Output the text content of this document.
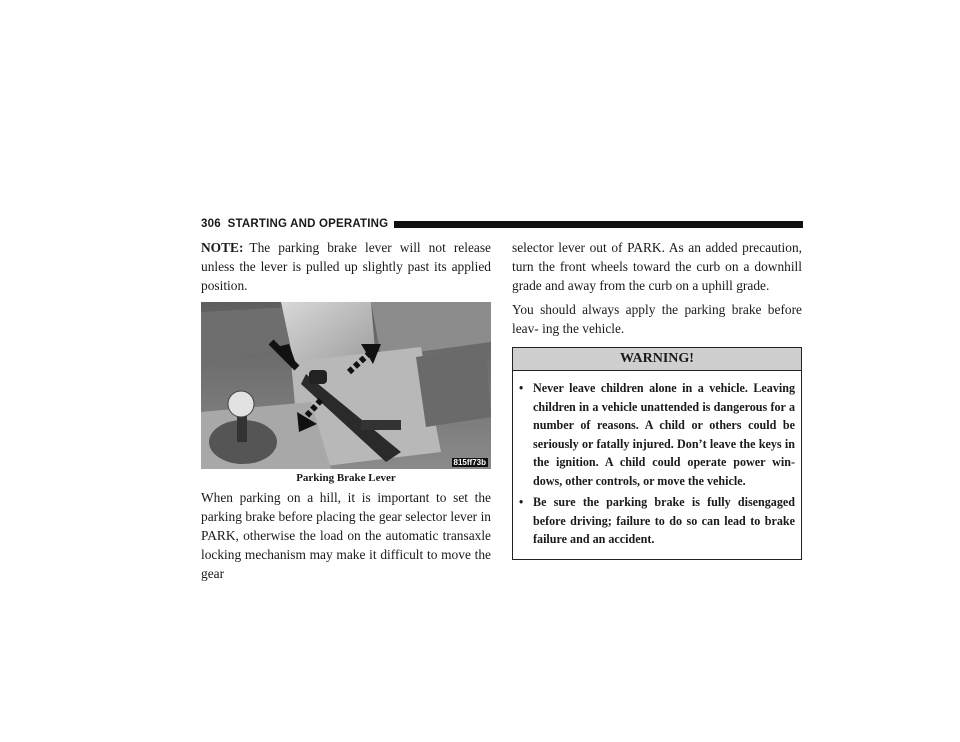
306 STARTING AND OPERATING

NOTE: The parking brake lever will not release unless the lever is pulled up slightly past its applied position.

815ff73b
Parking Brake Lever

When parking on a hill, it is important to set the parking brake before placing the gear selector lever in PARK, otherwise the load on the automatic transaxle locking mechanism may make it difficult to move the gear

selector lever out of PARK. As an added precaution, turn the front wheels toward the curb on a downhill grade and away from the curb on a uphill grade.

You should always apply the parking brake before leav- ing the vehicle.

WARNING!
• Never leave children alone in a vehicle. Leaving children in a vehicle unattended is dangerous for a number of reasons. A child or others could be seriously or fatally injured. Don’t leave the keys in the ignition. A child could operate power win- dows, other controls, or move the vehicle.
• Be sure the parking brake is fully disengaged before driving; failure to do so can lead to brake failure and an accident.
